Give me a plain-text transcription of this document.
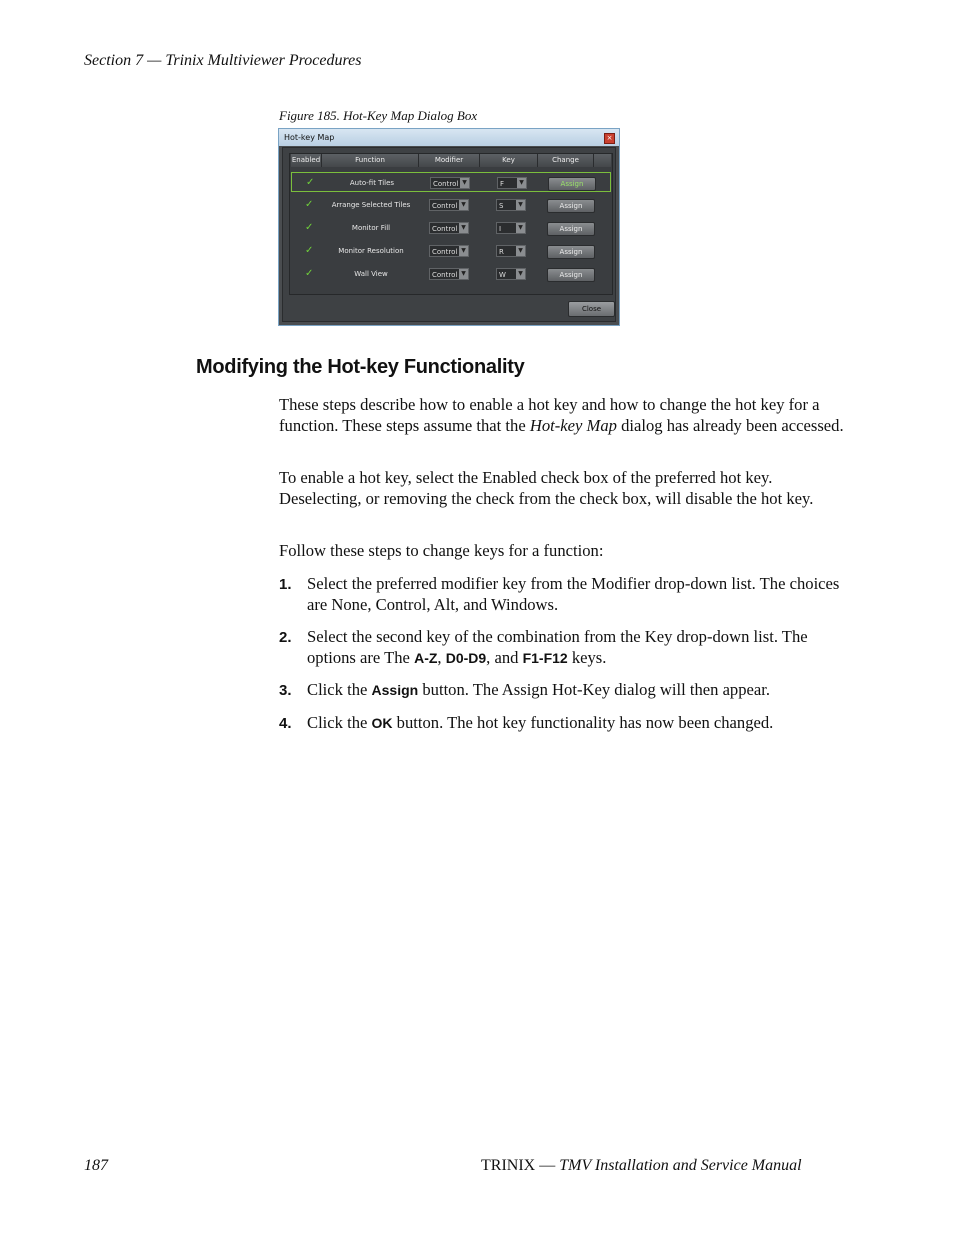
Section 7 — Trinix Multiviewer Procedures
Figure 185. Hot-Key Map Dialog Box
Hot-key Map	×
Enabled	Function	Modifier	Key	Change
✓	Auto-fit Tiles	Control ▼	F	▼	Assign
✓	Arrange Selected Tiles	Control ▼	S	▼	Assign
✓	Monitor Fill	Control ▼	I	▼	Assign
✓	Monitor Resolution	Control ▼	R	▼	Assign
✓	Wall View	Control ▼	W	▼	Assign
Close
Modifying the Hot-key Functionality
These steps describe how to enable a hot key and how to change the hot key for a function. These steps assume that the Hot-key Map dialog has already been accessed.
To enable a hot key, select the Enabled check box of the preferred hot key. Deselecting, or removing the check from the check box, will disable the hot key.
Follow these steps to change keys for a function:
1. Select the preferred modifier key from the Modifier drop-down list. The choices are None, Control, Alt, and Windows.
2. Select the second key of the combination from the Key drop-down list. The options are The A-Z, D0-D9, and F1-F12 keys.
3. Click the Assign button. The Assign Hot-Key dialog will then appear.
4. Click the OK button. The hot key functionality has now been changed.
187	TRINIX — TMV Installation and Service Manual
